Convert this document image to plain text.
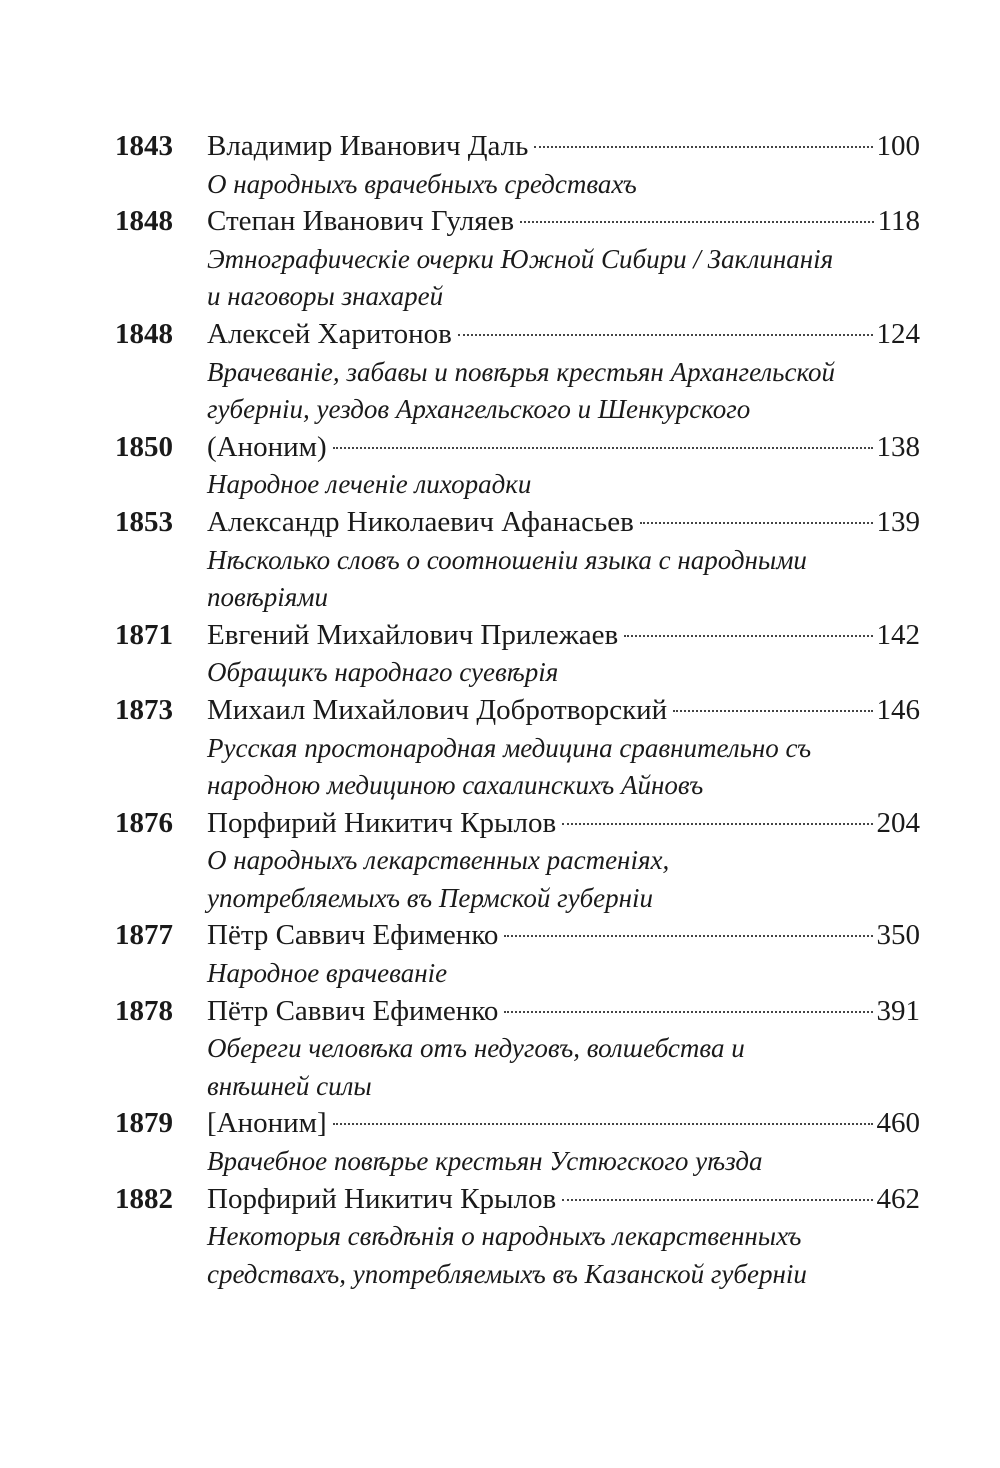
1843	Владимир Иванович Даль	100
О народныхъ врачебныхъ средствахъ
1848	Степан Иванович Гуляев	118
Этнографическіе очерки Южной Сибири / Заклинанія и наговоры знахарей
1848	Алексей Харитонов	124
Врачеваніе, забавы и повѣрья крестьян Архангельской губерніи, уездов Архангельского и Шенкурского
1850	(Аноним)	138
Народное леченіе лихорадки
1853	Александр Николаевич Афанасьев	139
Нѣсколько словъ о соотношеніи языка с народными повѣріями
1871	Евгений Михайлович Прилежаев	142
Обращикъ народнаго суевѣрія
1873	Михаил Михайлович Добротворский	146
Русская простонародная медицина сравнительно съ народною медициною сахалинскихъ Айновъ
1876	Порфирий Никитич Крылов	204
О народныхъ лекарственных растеніях, употребляемыхъ въ Пермской губерніи
1877	Пётр Саввич Ефименко	350
Народное врачеваніе
1878	Пётр Саввич Ефименко	391
Обереги человѣка отъ недуговъ, волшебства и внѣшней силы
1879	[Аноним]	460
Врачебное повѣрье крестьян Устюгского уѣзда
1882	Порфирий Никитич Крылов	462
Некоторыя свѣдѣнія о народныхъ лекарственныхъ средствахъ, употребляемыхъ въ Казанской губерніи
